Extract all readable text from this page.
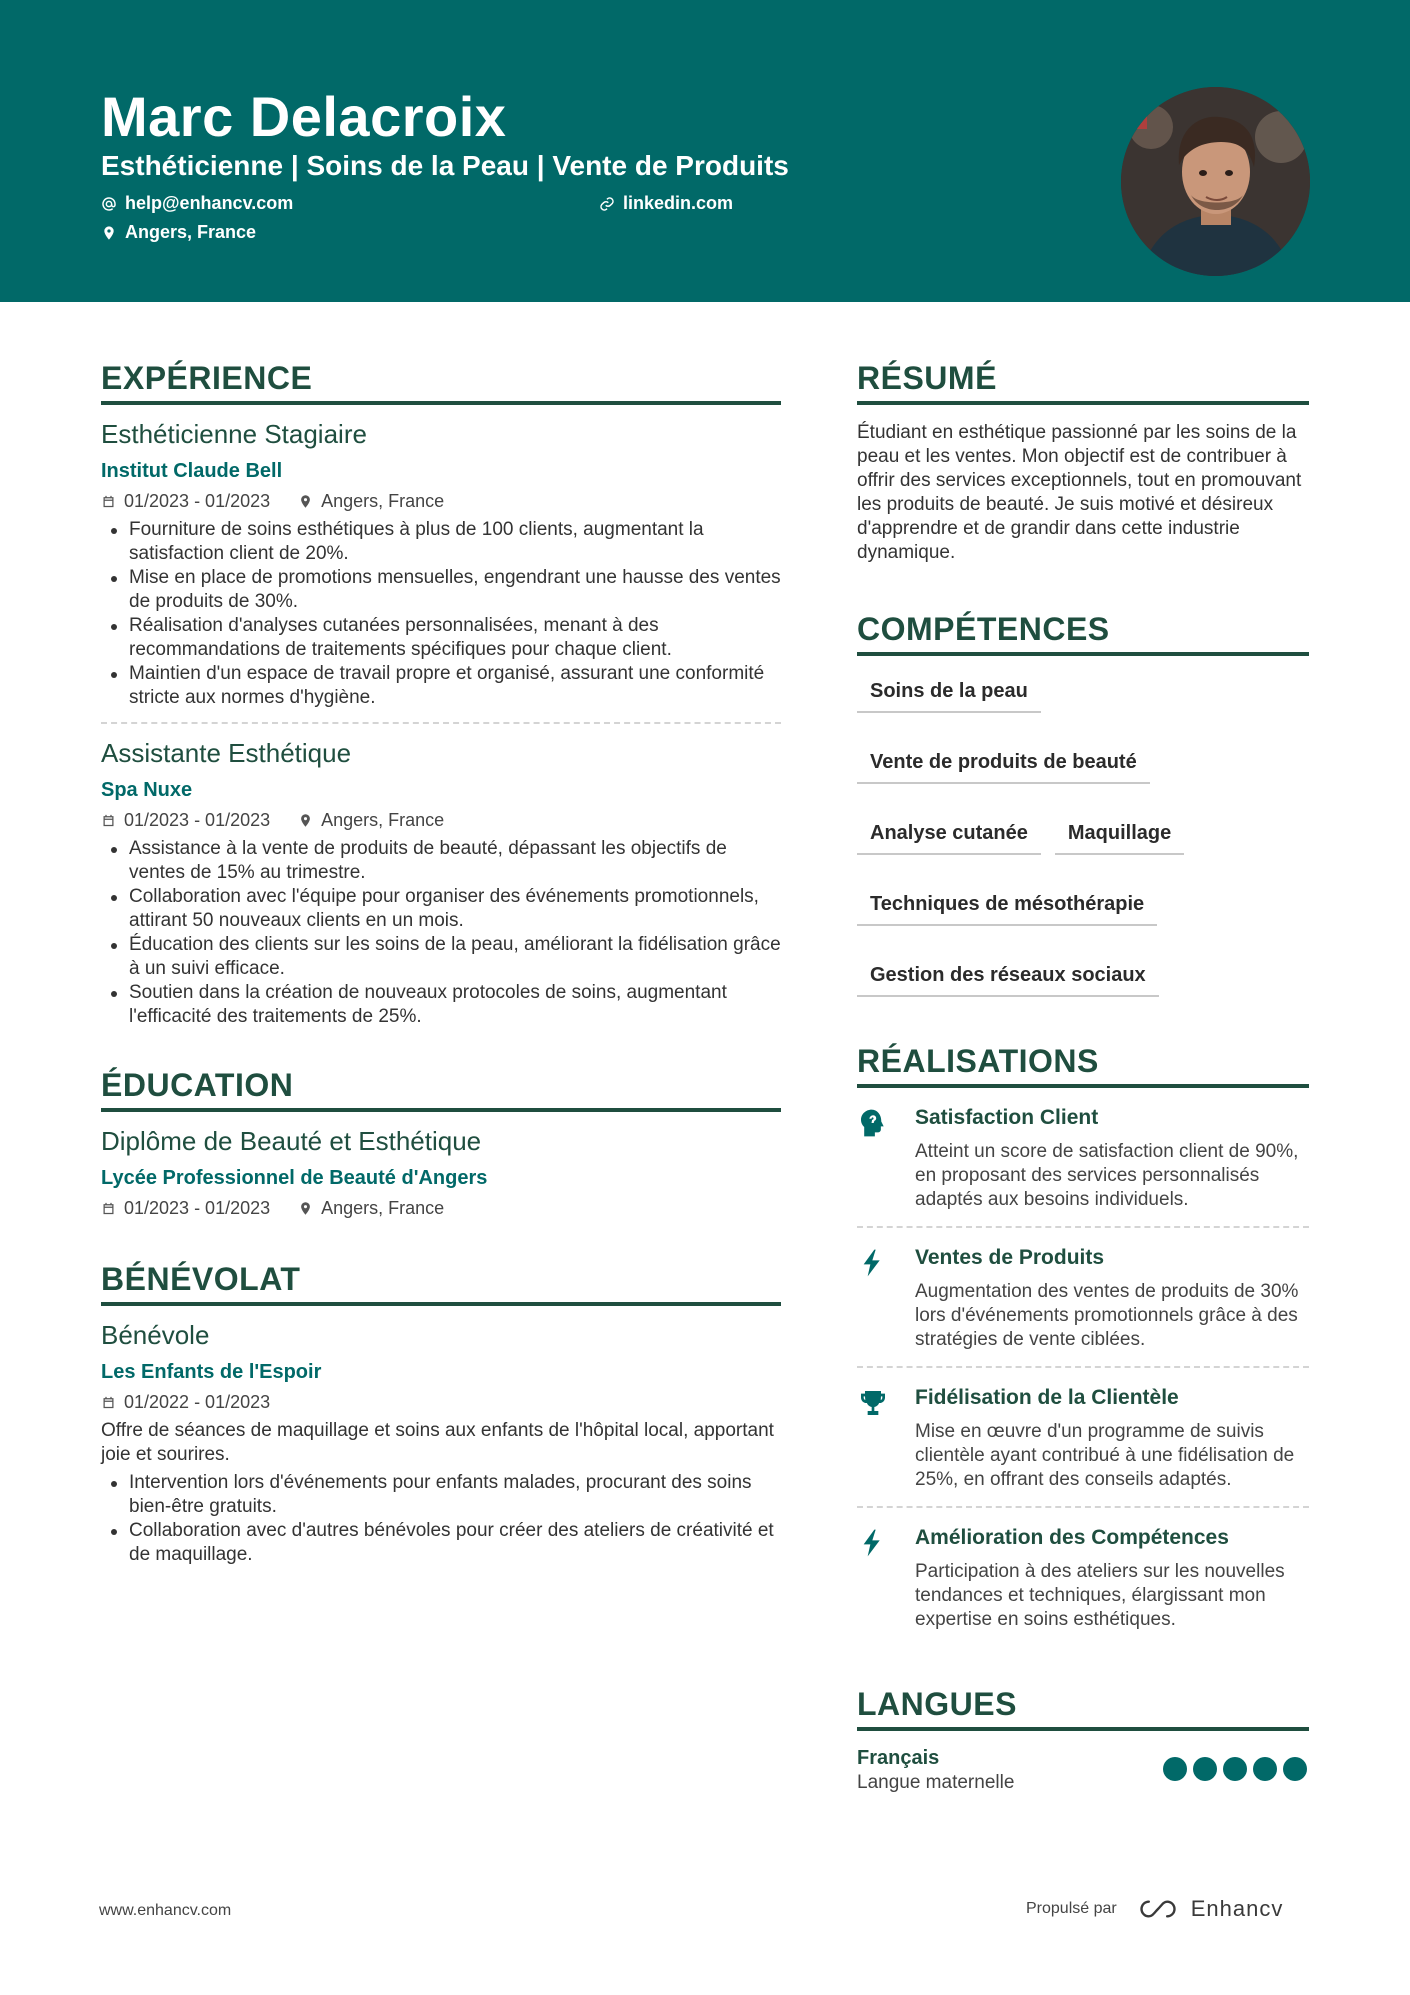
Marc Delacroix
Esthéticienne | Soins de la Peau | Vente de Produits
help@enhancv.com	linkedin.com
Angers, France
EXPÉRIENCE
Esthéticienne Stagiaire
Institut Claude Bell
01/2023 - 01/2023	Angers, France
Fourniture de soins esthétiques à plus de 100 clients, augmentant la satisfaction client de 20%.
Mise en place de promotions mensuelles, engendrant une hausse des ventes de produits de 30%.
Réalisation d'analyses cutanées personnalisées, menant à des recommandations de traitements spécifiques pour chaque client.
Maintien d'un espace de travail propre et organisé, assurant une conformité stricte aux normes d'hygiène.
Assistante Esthétique
Spa Nuxe
01/2023 - 01/2023	Angers, France
Assistance à la vente de produits de beauté, dépassant les objectifs de ventes de 15% au trimestre.
Collaboration avec l'équipe pour organiser des événements promotionnels, attirant 50 nouveaux clients en un mois.
Éducation des clients sur les soins de la peau, améliorant la fidélisation grâce à un suivi efficace.
Soutien dans la création de nouveaux protocoles de soins, augmentant l'efficacité des traitements de 25%.
ÉDUCATION
Diplôme de Beauté et Esthétique
Lycée Professionnel de Beauté d'Angers
01/2023 - 01/2023	Angers, France
BÉNÉVOLAT
Bénévole
Les Enfants de l'Espoir
01/2022 - 01/2023
Offre de séances de maquillage et soins aux enfants de l'hôpital local, apportant joie et sourires.
Intervention lors d'événements pour enfants malades, procurant des soins bien-être gratuits.
Collaboration avec d'autres bénévoles pour créer des ateliers de créativité et de maquillage.
RÉSUMÉ
Étudiant en esthétique passionné par les soins de la peau et les ventes. Mon objectif est de contribuer à offrir des services exceptionnels, tout en promouvant les produits de beauté. Je suis motivé et désireux d'apprendre et de grandir dans cette industrie dynamique.
COMPÉTENCES
Soins de la peau
Vente de produits de beauté
Analyse cutanée	Maquillage
Techniques de mésothérapie
Gestion des réseaux sociaux
RÉALISATIONS
Satisfaction Client
Atteint un score de satisfaction client de 90%, en proposant des services personnalisés adaptés aux besoins individuels.
Ventes de Produits
Augmentation des ventes de produits de 30% lors d'événements promotionnels grâce à des stratégies de vente ciblées.
Fidélisation de la Clientèle
Mise en œuvre d'un programme de suivis clientèle ayant contribué à une fidélisation de 25%, en offrant des conseils adaptés.
Amélioration des Compétences
Participation à des ateliers sur les nouvelles tendances et techniques, élargissant mon expertise en soins esthétiques.
LANGUES
Français
Langue maternelle
www.enhancv.com	Propulsé par	Enhancv
